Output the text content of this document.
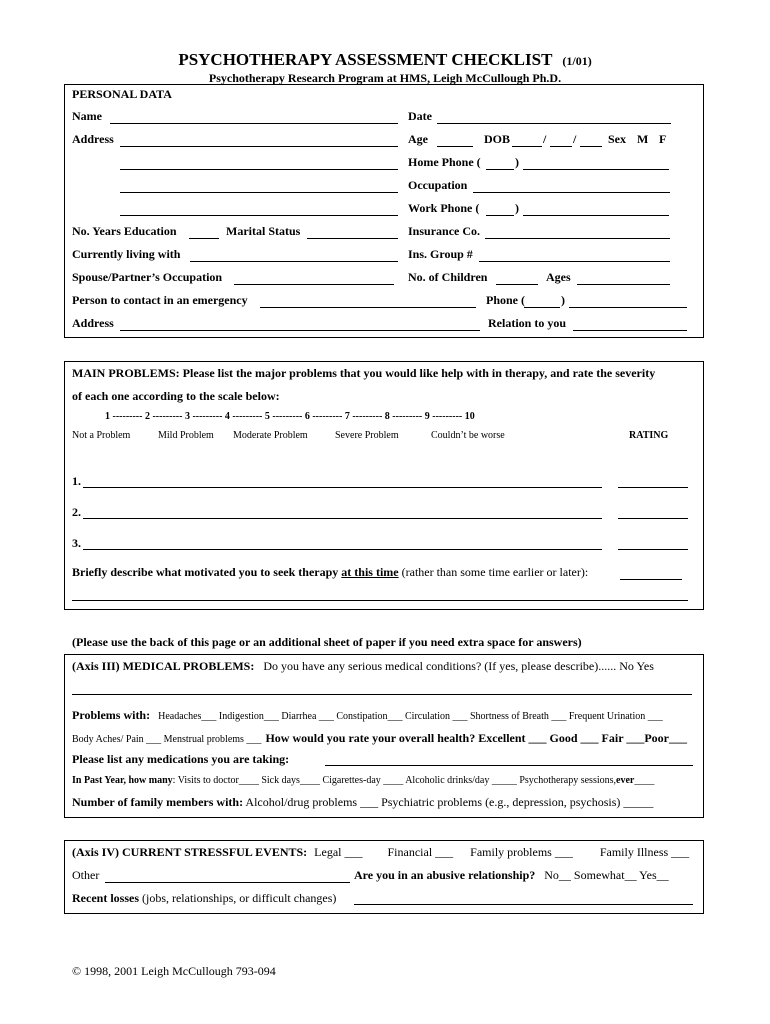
PSYCHOTHERAPY ASSESSMENT CHECKLIST (1/01)
Psychotherapy Research Program at HMS, Leigh McCullough Ph.D.
PERSONAL DATA
Name	Date
Address	Age	DOB	/ /	Sex M F
Home Phone (	)
Occupation
Work Phone (	)
No. Years Education	Marital Status	Insurance Co.
Currently living with	Ins. Group #
Spouse/Partner’s Occupation	No. of Children	Ages
Person to contact in an emergency	Phone (	)
Address	Relation to you
MAIN PROBLEMS: Please list the major problems that you would like help with in therapy, and rate the severity
of each one according to the scale below:
1 --------- 2 --------- 3 --------- 4 --------- 5 --------- 6 --------- 7 --------- 8 --------- 9 --------- 10
Not a Problem	Mild Problem Moderate Problem	Severe Problem	Couldn’t be worse	RATING
1.
2.
3.
Briefly describe what motivated you to seek therapy at this time (rather than some time earlier or later):
(Please use the back of this page or an additional sheet of paper if you need extra space for answers)
(Axis III) MEDICAL PROBLEMS: Do you have any serious medical conditions? (If yes, please describe)...... No Yes
Problems with: Headaches___ Indigestion___ Diarrhea ___ Constipation___ Circulation ___ Shortness of Breath ___ Frequent Urination ___
Body Aches/ Pain ___ Menstrual problems ___ How would you rate your overall health? Excellent ___ Good ___ Fair ___Poor___
Please list any medications you are taking:
In Past Year, how many: Visits to doctor____ Sick days____ Cigarettes-day ____ Alcoholic drinks/day _____ Psychotherapy sessions,ever____
Number of family members with: Alcohol/drug problems ___ Psychiatric problems (e.g., depression, psychosis) _____
(Axis IV) CURRENT STRESSFUL EVENTS: Legal ___ Financial ___ Family problems ___ Family Illness ___
Other	Are you in an abusive relationship? No__ Somewhat__ Yes__
Recent losses (jobs, relationships, or difficult changes)
© 1998, 2001 Leigh McCullough 793-094
